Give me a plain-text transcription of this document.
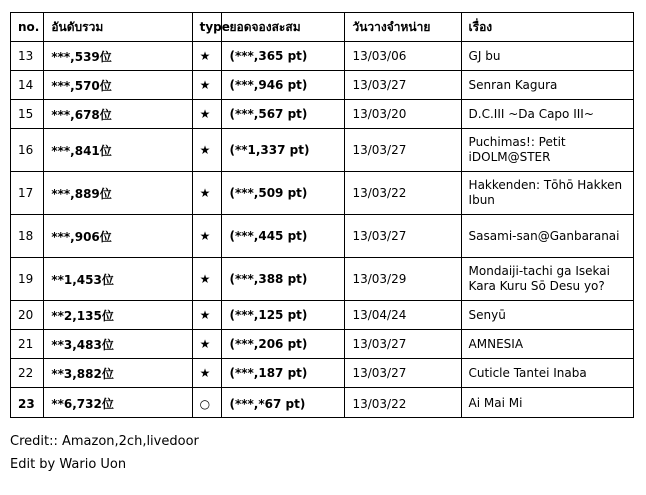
no.	อันดับรวม	type	ยอดจองสะสม	วันวางจำหน่าย	เรื่อง
13	***,539位	★	(***,365 pt)	13/03/06	GJ bu
14	***,570位	★	(***,946 pt)	13/03/27	Senran Kagura
15	***,678位	★	(***,567 pt)	13/03/20	D.C.III ~Da Capo III~
16	***,841位	★	(**1,337 pt)	13/03/27	Puchimas!: Petit iDOLM@STER
17	***,889位	★	(***,509 pt)	13/03/22	Hakkenden: Tōhō Hakken Ibun
18	***,906位	★	(***,445 pt)	13/03/27	Sasami-san@Ganbaranai
19	**1,453位	★	(***,388 pt)	13/03/29	Mondaiji-tachi ga Isekai Kara Kuru Sō Desu yo?
20	**2,135位	★	(***,125 pt)	13/04/24	Senyū
21	**3,483位	★	(***,206 pt)	13/03/27	AMNESIA
22	**3,882位	★	(***,187 pt)	13/03/27	Cuticle Tantei Inaba
23	**6,732位	○	(***,*67 pt)	13/03/22	Ai Mai Mi
Credit:: Amazon,2ch,livedoor
Edit by Wario Uon
